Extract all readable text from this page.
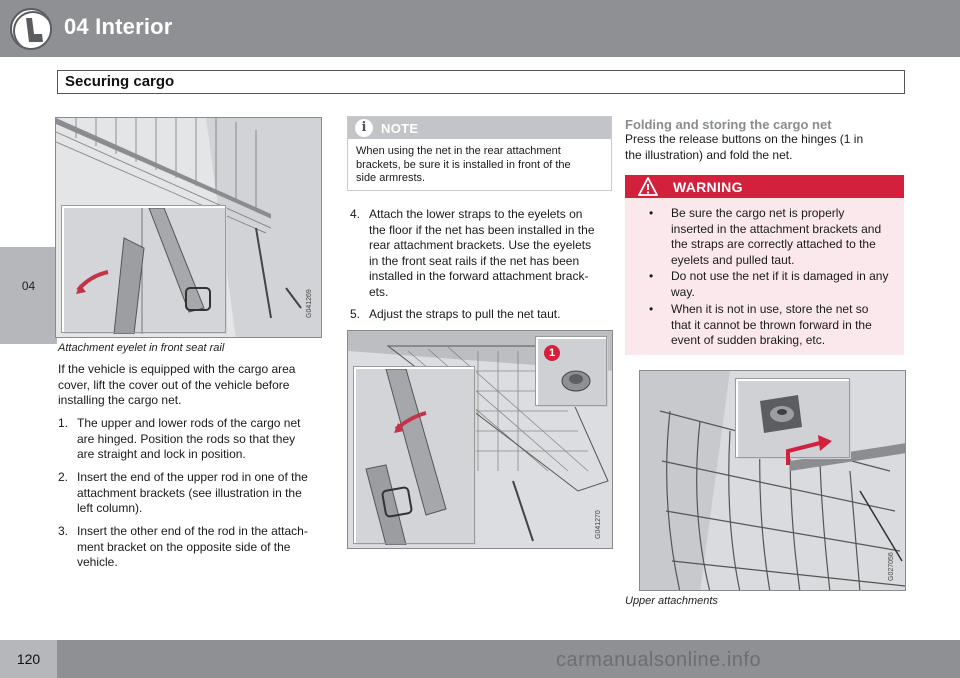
04 Interior
Securing cargo
04
G041269
Attachment eyelet in front seat rail
If the vehicle is equipped with the cargo area
cover, lift the cover out of the vehicle before
installing the cargo net.
1. The upper and lower rods of the cargo net
are hinged. Position the rods so that they
are straight and lock in position.
2. Insert the end of the upper rod in one of the
attachment brackets (see illustration in the
left column).
3. Insert the other end of the rod in the attach-
ment bracket on the opposite side of the
vehicle.
i	NOTE
When using the net in the rear attachment
brackets, be sure it is installed in front of the
side armrests.
4. Attach the lower straps to the eyelets on
the floor if the net has been installed in the
rear attachment brackets. Use the eyelets
in the front seat rails if the net has been
installed in the forward attachment brack-
ets.
5. Adjust the straps to pull the net taut.
1
G041270
Folding and storing the cargo net
Press the release buttons on the hinges (1 in
the illustration) and fold the net.
WARNING
• Be sure the cargo net is properly
inserted in the attachment brackets and
the straps are correctly attached to the
eyelets and pulled taut.
• Do not use the net if it is damaged in any
way.
• When it is not in use, store the net so
that it cannot be thrown forward in the
event of sudden braking, etc.
G027056
Upper attachments
120	carmanualsonline.info
